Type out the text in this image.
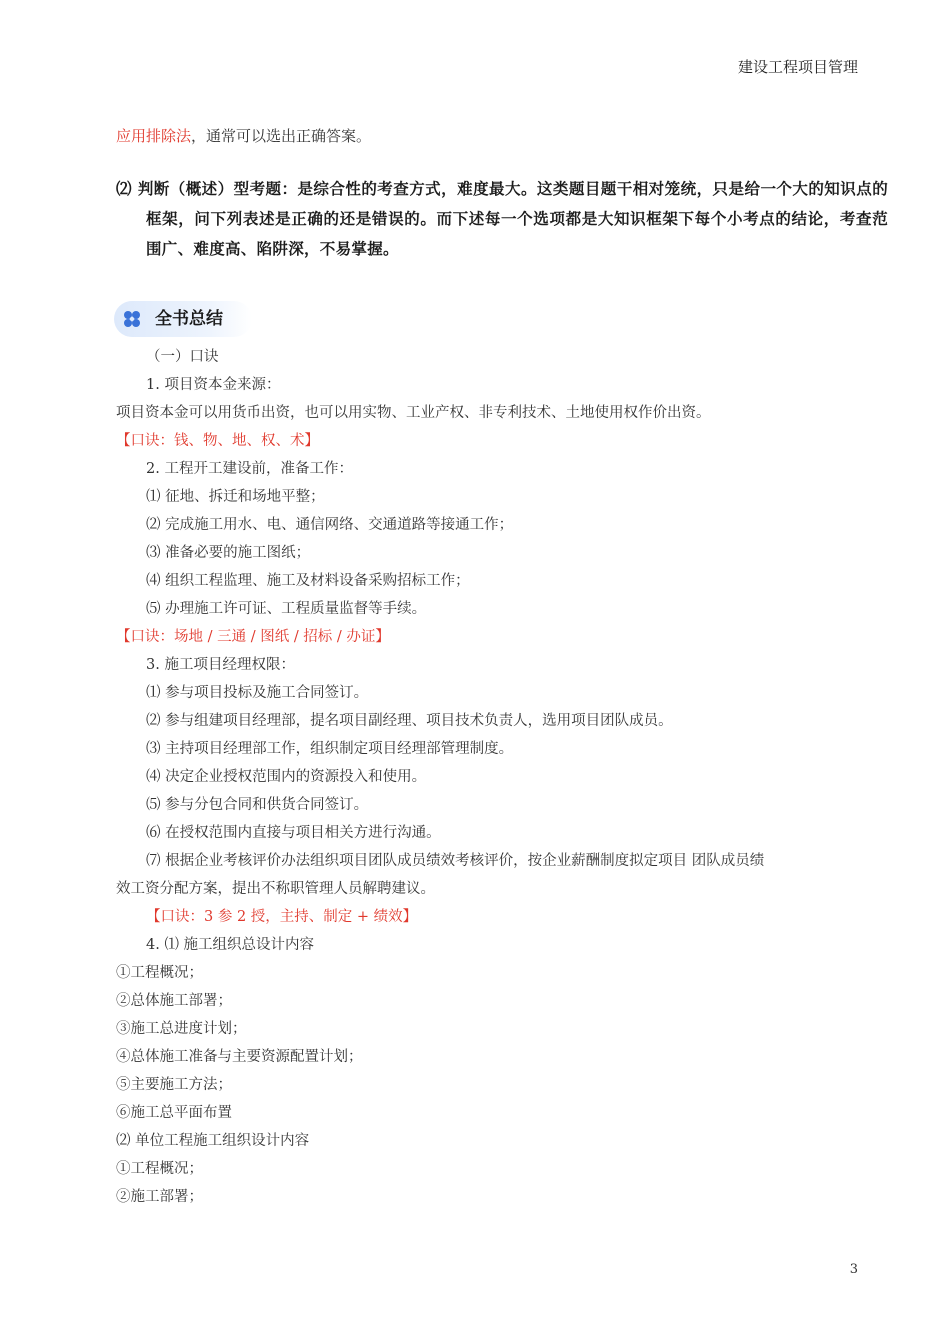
建设工程项目管理
应用排除法，通常可以选出正确答案。
⑵ 判断（概述）型考题：是综合性的考查方式，难度最大。这类题目题干相对笼统，只是给一个大的知识点的框架，问下列表述是正确的还是错误的。而下述每一个选项都是大知识框架下每个小考点的结论，考查范围广、难度高、陷阱深，不易掌握。
全书总结
（一）口诀
1. 项目资本金来源：
项目资本金可以用货币出资，也可以用实物、工业产权、非专利技术、土地使用权作价出资。
【口诀：钱、物、地、权、术】
2. 工程开工建设前，准备工作：
⑴ 征地、拆迁和场地平整；
⑵ 完成施工用水、电、通信网络、交通道路等接通工作；
⑶ 准备必要的施工图纸；
⑷ 组织工程监理、施工及材料设备采购招标工作；
⑸ 办理施工许可证、工程质量监督等手续。
【口诀：场地 / 三通 / 图纸 / 招标 / 办证】
3. 施工项目经理权限：
⑴ 参与项目投标及施工合同签订。
⑵ 参与组建项目经理部，提名项目副经理、项目技术负责人，选用项目团队成员。
⑶ 主持项目经理部工作，组织制定项目经理部管理制度。
⑷ 决定企业授权范围内的资源投入和使用。
⑸ 参与分包合同和供货合同签订。
⑹ 在授权范围内直接与项目相关方进行沟通。
⑺ 根据企业考核评价办法组织项目团队成员绩效考核评价，按企业薪酬制度拟定项目 团队成员绩
效工资分配方案，提出不称职管理人员解聘建议。
【口诀：3 参 2 授，主持、制定 + 绩效】
4. ⑴ 施工组织总设计内容
①工程概况；
②总体施工部署；
③施工总进度计划；
④总体施工准备与主要资源配置计划；
⑤主要施工方法；
⑥施工总平面布置
⑵ 单位工程施工组织设计内容
①工程概况；
②施工部署；
3
